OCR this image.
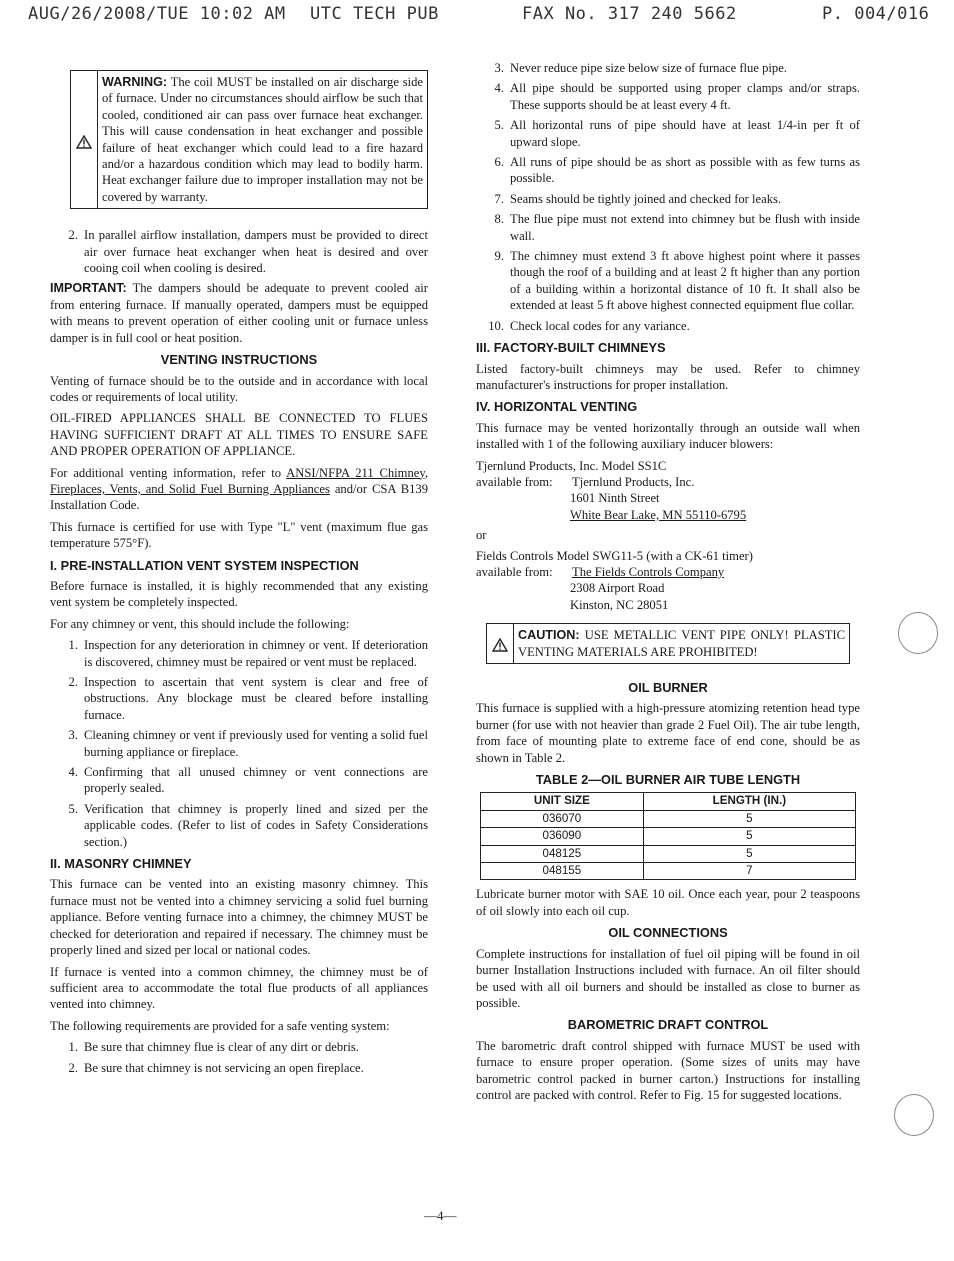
AUG/26/2008/TUE 10:02 AM UTC TECH PUB	FAX No. 317 240 5662	P. 004/016
WARNING: The coil MUST be installed on air discharge side of furnace. Under no circumstances should airflow be such that cooled, conditioned air can pass over furnace heat exchanger. This will cause condensation in heat exchanger and possible failure of heat exchanger which could lead to a fire hazard and/or a hazardous condition which may lead to bodily harm. Heat exchanger failure due to improper installation may not be covered by warranty.
2. In parallel airflow installation, dampers must be provided to direct air over furnace heat exchanger when heat is desired and over cooing coil when cooling is desired.

IMPORTANT: The dampers should be adequate to prevent cooled air from entering furnace. If manually operated, dampers must be equipped with means to prevent operation of either cooling unit or furnace unless damper is in full cool or heat position.

VENTING INSTRUCTIONS

Venting of furnace should be to the outside and in accordance with local codes or requirements of local utility.

OIL-FIRED APPLIANCES SHALL BE CONNECTED TO FLUES HAVING SUFFICIENT DRAFT AT ALL TIMES TO ENSURE SAFE AND PROPER OPERATION OF APPLIANCE.

For additional venting information, refer to ANSI/NFPA 211 Chimney, Fireplaces, Vents, and Solid Fuel Burning Appliances and/or CSA B139 Installation Code.

This furnace is certified for use with Type "L" vent (maximum flue gas temperature 575°F).

I. PRE-INSTALLATION VENT SYSTEM INSPECTION

Before furnace is installed, it is highly recommended that any existing vent system be completely inspected.

For any chimney or vent, this should include the following:

1. Inspection for any deterioration in chimney or vent. If deterioration is discovered, chimney must be repaired or vent must be replaced.
2. Inspection to ascertain that vent system is clear and free of obstructions. Any blockage must be cleared before installing furnace.
3. Cleaning chimney or vent if previously used for venting a solid fuel burning appliance or fireplace.
4. Confirming that all unused chimney or vent connections are properly sealed.
5. Verification that chimney is properly lined and sized per the applicable codes. (Refer to list of codes in Safety Considerations section.)
II. MASONRY CHIMNEY

This furnace can be vented into an existing masonry chimney. This furnace must not be vented into a chimney servicing a solid fuel burning appliance. Before venting furnace into a chimney, the chimney MUST be checked for deterioration and repaired if necessary. The chimney must be properly lined and sized per local or national codes.

If furnace is vented into a common chimney, the chimney must be of sufficient area to accommodate the total flue products of all appliances vented into chimney.

The following requirements are provided for a safe venting system:

1. Be sure that chimney flue is clear of any dirt or debris.
2. Be sure that chimney is not servicing an open fireplace.
3. Never reduce pipe size below size of furnace flue pipe.
4. All pipe should be supported using proper clamps and/or straps. These supports should be at least every 4 ft.
5. All horizontal runs of pipe should have at least 1/4-in per ft of upward slope.
6. All runs of pipe should be as short as possible with as few turns as possible.
7. Seams should be tightly joined and checked for leaks.
8. The flue pipe must not extend into chimney but be flush with inside wall.
9. The chimney must extend 3 ft above highest point where it passes though the roof of a building and at least 2 ft higher than any portion of a building within a horizontal distance of 10 ft. It shall also be extended at least 5 ft above highest connected equipment flue collar.
10. Check local codes for any variance.
III. FACTORY-BUILT CHIMNEYS

Listed factory-built chimneys may be used. Refer to chimney manufacturer's instructions for proper installation.

IV. HORIZONTAL VENTING

This furnace may be vented horizontally through an outside wall when installed with 1 of the following auxiliary inducer blowers:

Tjernlund Products, Inc. Model SS1C
available from:	Tjernlund Products, Inc.
1601 Ninth Street
White Bear Lake, MN 55110-6795
or
Fields Controls Model SWG11-5 (with a CK-61 timer)
available from:	The Fields Controls Company
2308 Airport Road
Kinston, NC 28051
CAUTION: USE METALLIC VENT PIPE ONLY! PLASTIC VENTING MATERIALS ARE PROHIBITED!
OIL BURNER

This furnace is supplied with a high-pressure atomizing retention head type burner (for use with not heavier than grade 2 Fuel Oil). The air tube length, from face of mounting plate to extreme face of end cone, should be as shown in Table 2.

TABLE 2—OIL BURNER AIR TUBE LENGTH
UNIT SIZE	LENGTH (IN.)
036070	5
036090	5
048125	5
048155	7

Lubricate burner motor with SAE 10 oil. Once each year, pour 2 teaspoons of oil slowly into each oil cup.

OIL CONNECTIONS

Complete instructions for installation of fuel oil piping will be found in oil burner Installation Instructions included with furnace. An oil filter should be used with all oil burners and should be installed as close to burner as possible.

BAROMETRIC DRAFT CONTROL

The barometric draft control shipped with furnace MUST be used with furnace to ensure proper operation. (Some sizes of units may have barometric control packed in burner carton.) Instructions for installing control are packed with control. Refer to Fig. 15 for suggested locations.

—4—
